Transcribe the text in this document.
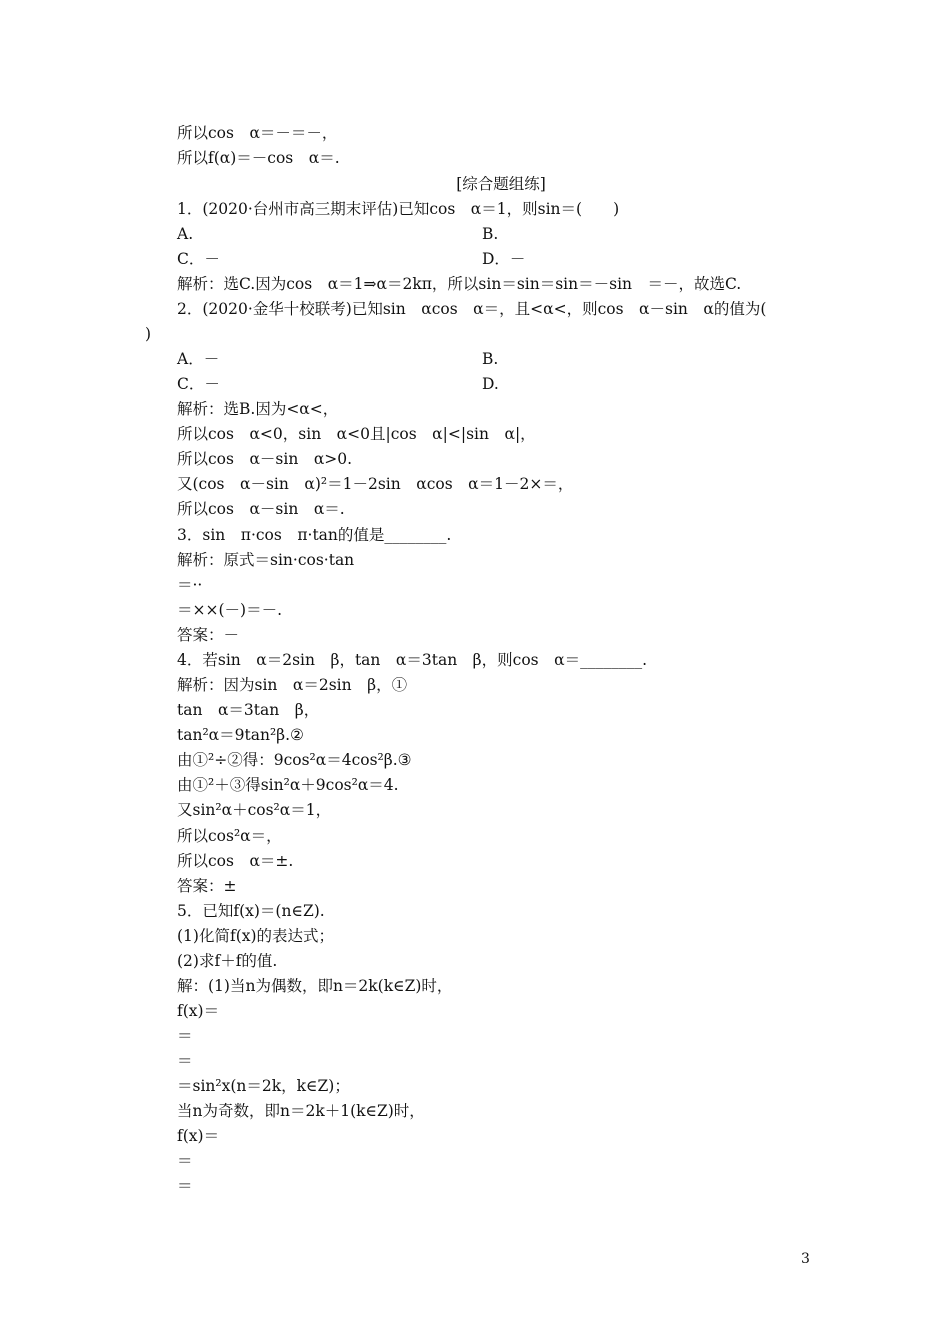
所以cos　α＝－＝－，
所以f(α)＝－cos　α＝.
[综合题组练]
1．(2020·台州市高三期末评估)已知cos　α＝1，则sin＝(　　)
A.	B.
C．－	D．－
解析：选C.因为cos　α＝1⇒α＝2kπ，所以sin＝sin＝sin＝－sin　＝－，故选C.
2．(2020·金华十校联考)已知sin　αcos　α＝，且<α<，则cos　α－sin　α的值为(
)
A．－	B.
C．－	D.
解析：选B.因为<α<，
所以cos　α<0，sin　α<0且|cos　α|<|sin　α|，
所以cos　α－sin　α>0.
又(cos　α－sin　α)²＝1－2sin　αcos　α＝1－2×＝，
所以cos　α－sin　α＝.
3．sin　π·cos　π·tan的值是________.
解析：原式＝sin·cos·tan
＝··
＝××(－)＝－.
答案：－
4．若sin　α＝2sin　β，tan　α＝3tan　β，则cos　α＝________.
解析：因为sin　α＝2sin　β，①
tan　α＝3tan　β，
tan²α＝9tan²β.②
由①²÷②得：9cos²α＝4cos²β.③
由①²＋③得sin²α＋9cos²α＝4.
又sin²α＋cos²α＝1，
所以cos²α＝，
所以cos　α＝±.
答案：±
5．已知f(x)＝(n∈Z).
(1)化简f(x)的表达式；
(2)求f＋f的值.
解：(1)当n为偶数，即n＝2k(k∈Z)时，
f(x)＝
＝
＝
＝sin²x(n＝2k，k∈Z)；
当n为奇数，即n＝2k＋1(k∈Z)时，
f(x)＝
＝
＝
3
